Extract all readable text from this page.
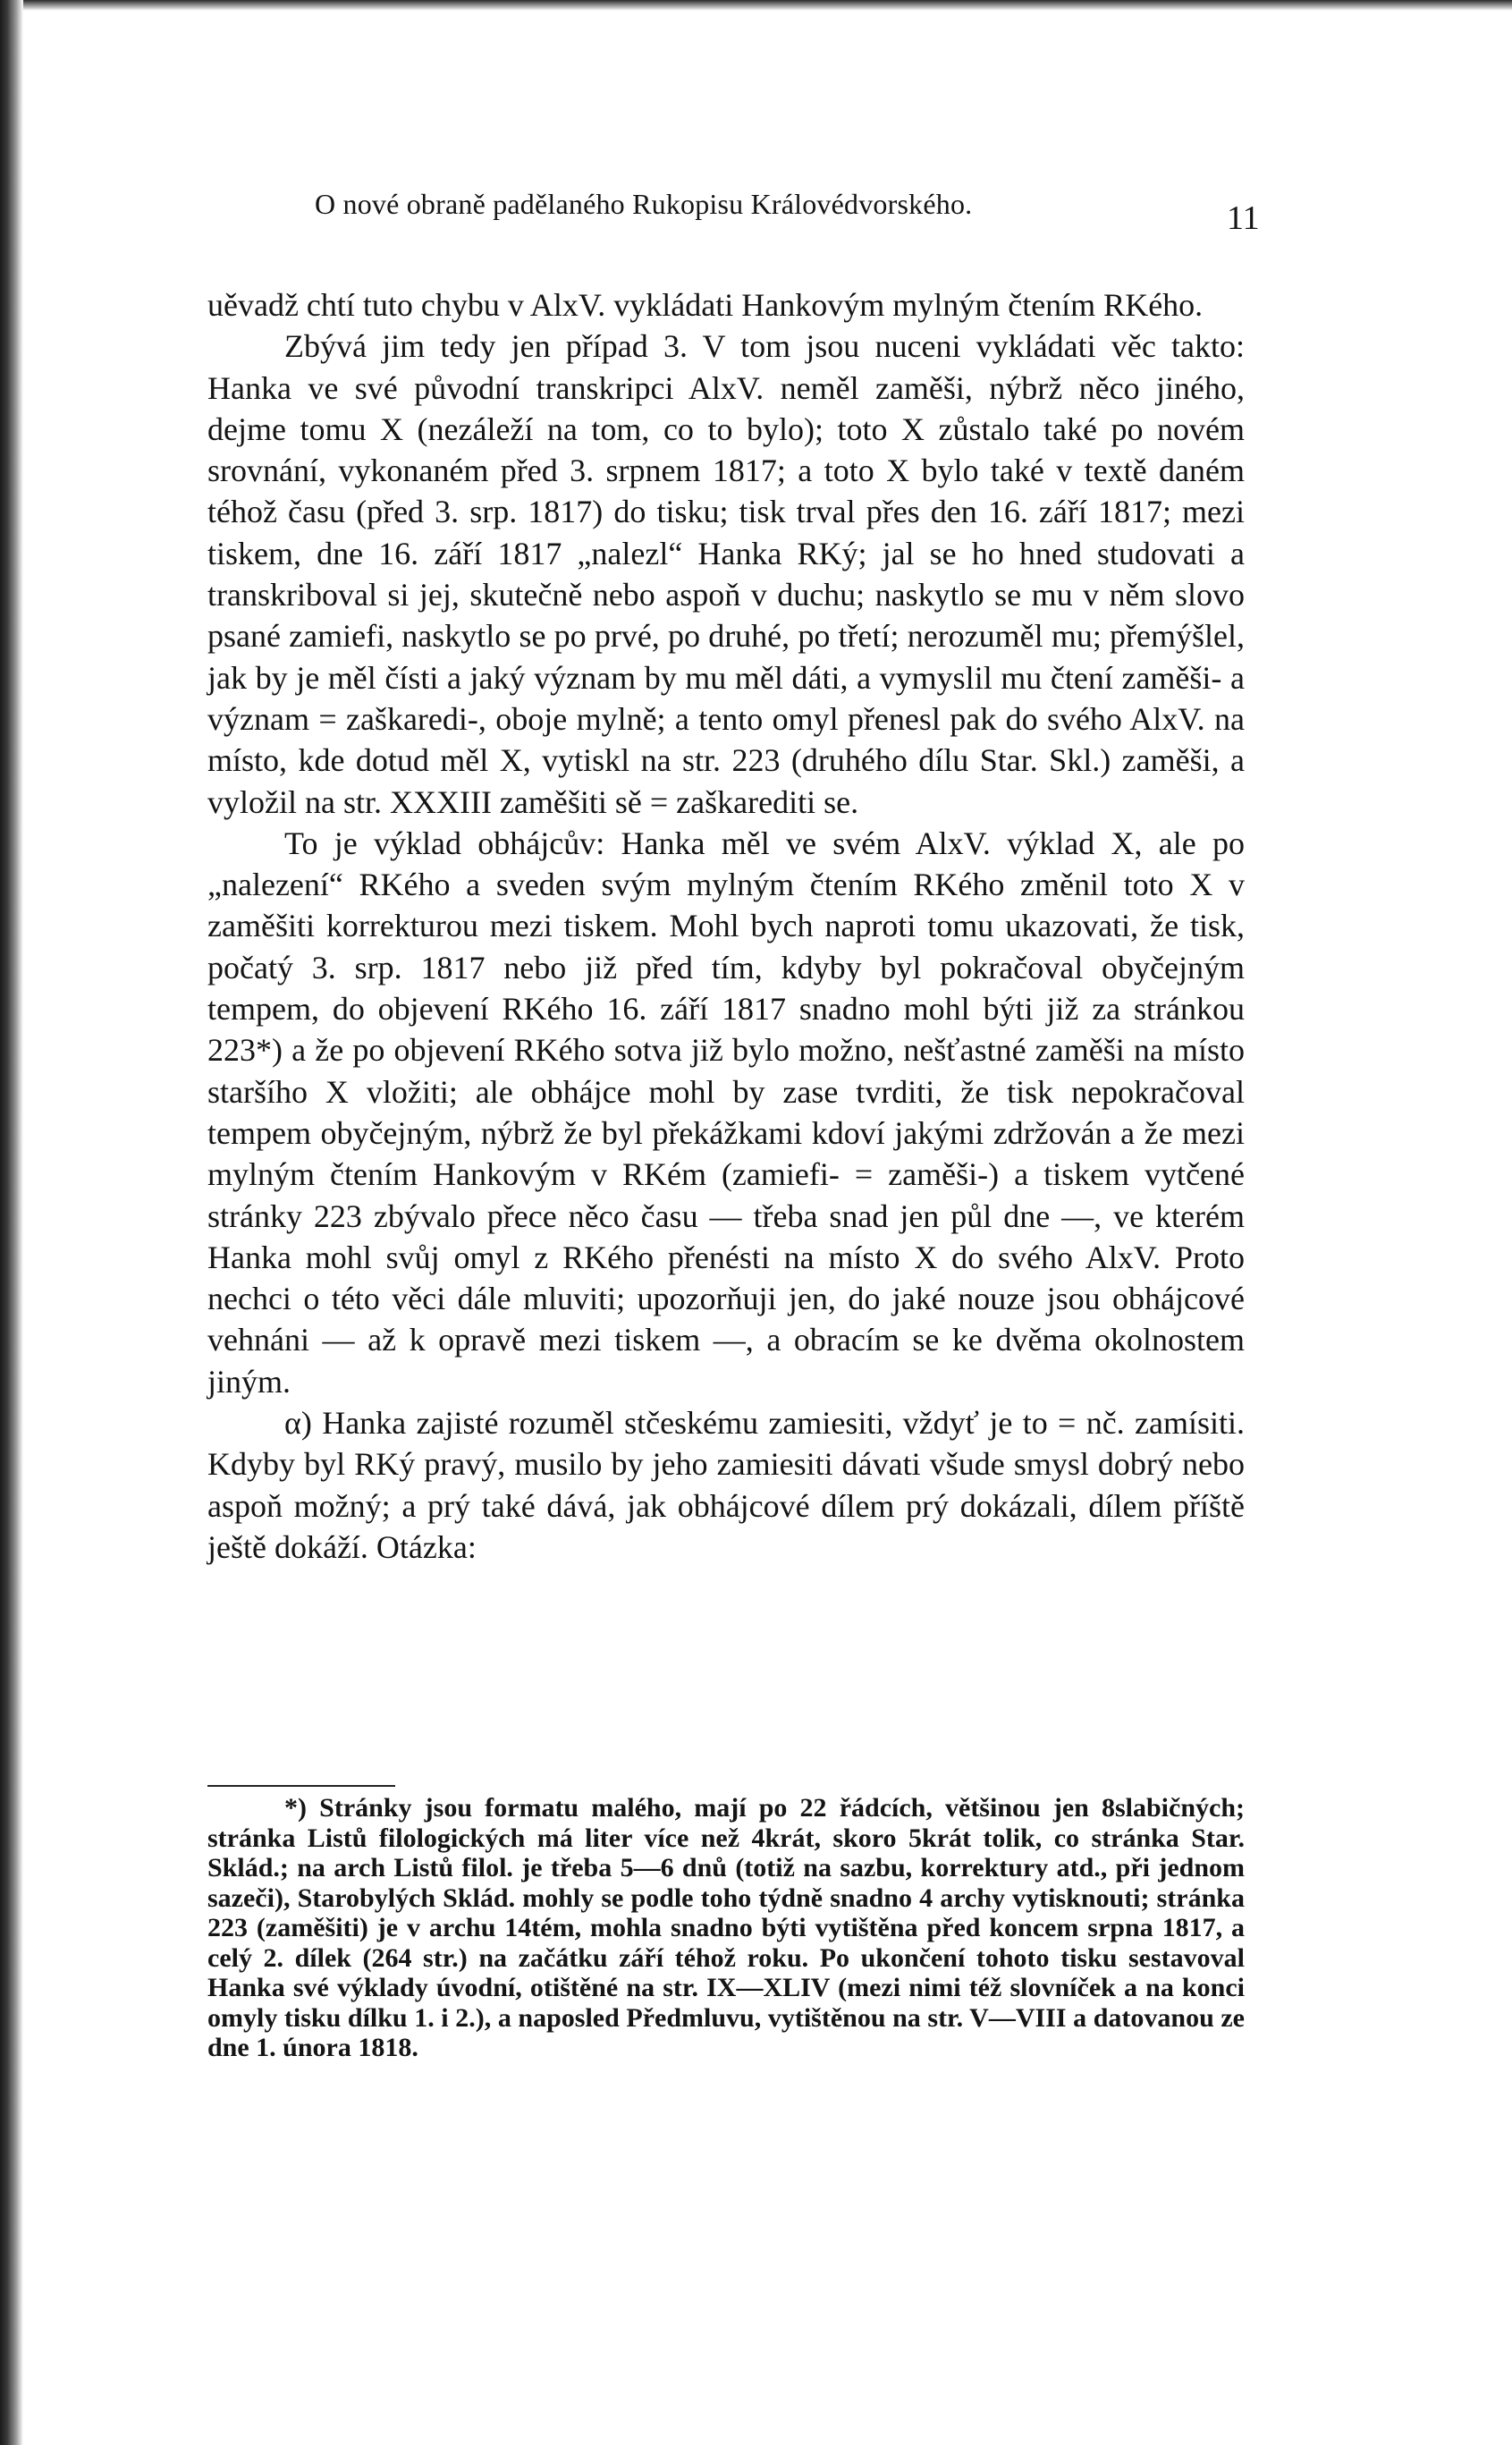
O nové obraně padělaného Rukopisu Královédvorského.	11

uěvadž chtí tuto chybu v AlxV. vykládati Hankovým mylným čtením RKého.

Zbývá jim tedy jen případ 3. V tom jsou nuceni vykládati věc takto: Hanka ve své původní transkripci AlxV. neměl zaměši, nýbrž něco jiného, dejme tomu X (nezáleží na tom, co to bylo); toto X zůstalo také po novém srovnání, vykonaném před 3. srpnem 1817; a toto X bylo také v textě daném téhož času (před 3. srp. 1817) do tisku; tisk trval přes den 16. září 1817; mezi tiskem, dne 16. září 1817 „nalezl“ Hanka RKý; jal se ho hned studovati a transkriboval si jej, skutečně nebo aspoň v duchu; naskytlo se mu v něm slovo psané zamiefi, naskytlo se po prvé, po druhé, po třetí; nerozuměl mu; přemýšlel, jak by je měl čísti a jaký význam by mu měl dáti, a vymyslil mu čtení zaměši- a význam = zaškaredi-, oboje mylně; a tento omyl přenesl pak do svého AlxV. na místo, kde dotud měl X, vytiskl na str. 223 (druhého dílu Star. Skl.) zaměši, a vyložil na str. XXXIII zaměšiti sě = zaškarediti se.

To je výklad obhájcův: Hanka měl ve svém AlxV. výklad X, ale po „nalezení“ RKého a sveden svým mylným čtením RKého změnil toto X v zaměšiti korrekturou mezi tiskem. Mohl bych naproti tomu ukazovati, že tisk, počatý 3. srp. 1817 nebo již před tím, kdyby byl pokračoval obyčejným tempem, do objevení RKého 16. září 1817 snadno mohl býti již za stránkou 223*) a že po objevení RKého sotva již bylo možno, nešťastné zaměši na místo staršího X vložiti; ale obhájce mohl by zase tvrditi, že tisk nepokračoval tempem obyčejným, nýbrž že byl překážkami kdoví jakými zdržován a že mezi mylným čtením Hankovým v RKém (zamiefi- = zaměši-) a tiskem vytčené stránky 223 zbývalo přece něco času — třeba snad jen půl dne —, ve kterém Hanka mohl svůj omyl z RKého přenésti na místo X do svého AlxV. Proto nechci o této věci dále mluviti; upozorňuji jen, do jaké nouze jsou obhájcové vehnáni — až k opravě mezi tiskem —, a obracím se ke dvěma okolnostem jiným.

α) Hanka zajisté rozuměl stčeskému zamiesiti, vždyť je to = nč. zamísiti. Kdyby byl RKý pravý, musilo by jeho zamiesiti dávati všude smysl dobrý nebo aspoň možný; a prý také dává, jak obhájcové dílem prý dokázali, dílem příště ještě dokáží. Otázka:

*) Stránky jsou formatu malého, mají po 22 řádcích, většinou jen 8slabičných; stránka Listů filologických má liter více než 4krát, skoro 5krát tolik, co stránka Star. Sklád.; na arch Listů filol. je třeba 5—6 dnů (totiž na sazbu, korrektury atd., při jednom sazeči), Starobylých Sklád. mohly se podle toho týdně snadno 4 archy vytisknouti; stránka 223 (zaměšiti) je v archu 14tém, mohla snadno býti vytištěna před koncem srpna 1817, a celý 2. dílek (264 str.) na začátku září téhož roku. Po ukončení tohoto tisku sestavoval Hanka své výklady úvodní, otištěné na str. IX—XLIV (mezi nimi též slovníček a na konci omyly tisku dílku 1. i 2.), a naposled Předmluvu, vytištěnou na str. V—VIII a datovanou ze dne 1. února 1818.
